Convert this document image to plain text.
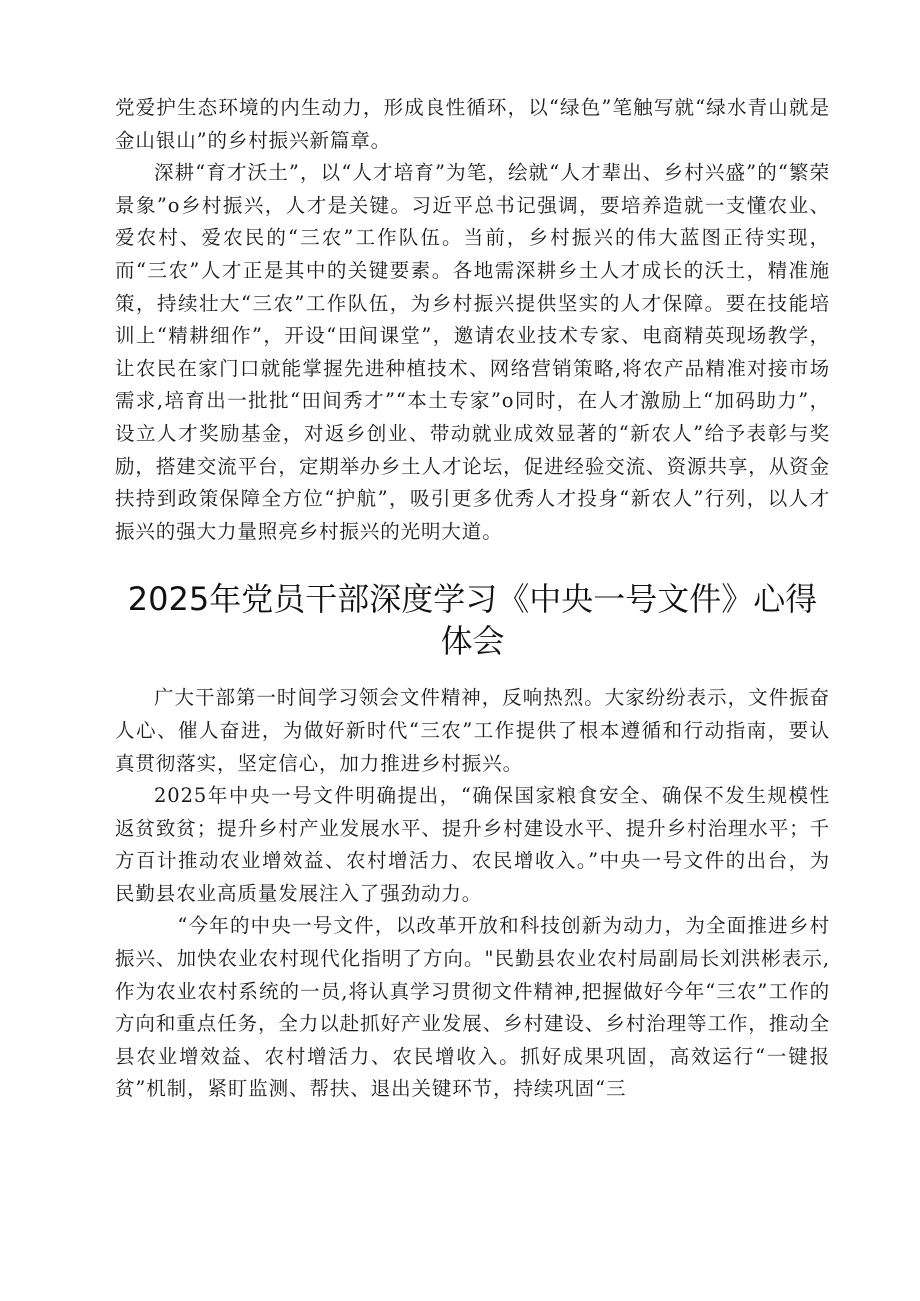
党爱护生态环境的内生动力，形成良性循环，以“绿色”笔触写就“绿水青山就是金山银山”的乡村振兴新篇章。

深耕“育才沃土”，以“人才培育”为笔，绘就“人才辈出、乡村兴盛”的“繁荣景象”o乡村振兴，人才是关键。习近平总书记强调，要培养造就一支懂农业、爱农村、爱农民的“三农”工作队伍。当前，乡村振兴的伟大蓝图正待实现，而“三农”人才正是其中的关键要素。各地需深耕乡土人才成长的沃土，精准施策，持续壮大“三农”工作队伍，为乡村振兴提供坚实的人才保障。要在技能培训上“精耕细作”，开设“田间课堂”，邀请农业技术专家、电商精英现场教学，让农民在家门口就能掌握先进种植技术、网络营销策略,将农产品精准对接市场需求,培育出一批批“田间秀才”“本土专家”o同时，在人才激励上“加码助力”，设立人才奖励基金，对返乡创业、带动就业成效显著的“新农人”给予表彰与奖励，搭建交流平台，定期举办乡土人才论坛，促进经验交流、资源共享，从资金扶持到政策保障全方位“护航”，吸引更多优秀人才投身“新农人”行列，以人才振兴的强大力量照亮乡村振兴的光明大道。

2025年党员干部深度学习《中央一号文件》心得体会

广大干部第一时间学习领会文件精神，反响热烈。大家纷纷表示，文件振奋人心、催人奋进，为做好新时代“三农”工作提供了根本遵循和行动指南，要认真贯彻落实，坚定信心，加力推进乡村振兴。

2025年中央一号文件明确提出，“确保国家粮食安全、确保不发生规模性返贫致贫；提升乡村产业发展水平、提升乡村建设水平、提升乡村治理水平；千方百计推动农业增效益、农村增活力、农民增收入。”中央一号文件的出台，为民勤县农业高质量发展注入了强劲动力。

“今年的中央一号文件，以改革开放和科技创新为动力，为全面推进乡村振兴、加快农业农村现代化指明了方向。"民勤县农业农村局副局长刘洪彬表示,作为农业农村系统的一员,将认真学习贯彻文件精神,把握做好今年“三农”工作的方向和重点任务，全力以赴抓好产业发展、乡村建设、乡村治理等工作，推动全县农业增效益、农村增活力、农民增收入。抓好成果巩固，高效运行“一键报贫”机制，紧盯监测、帮扶、退出关键环节，持续巩固“三
